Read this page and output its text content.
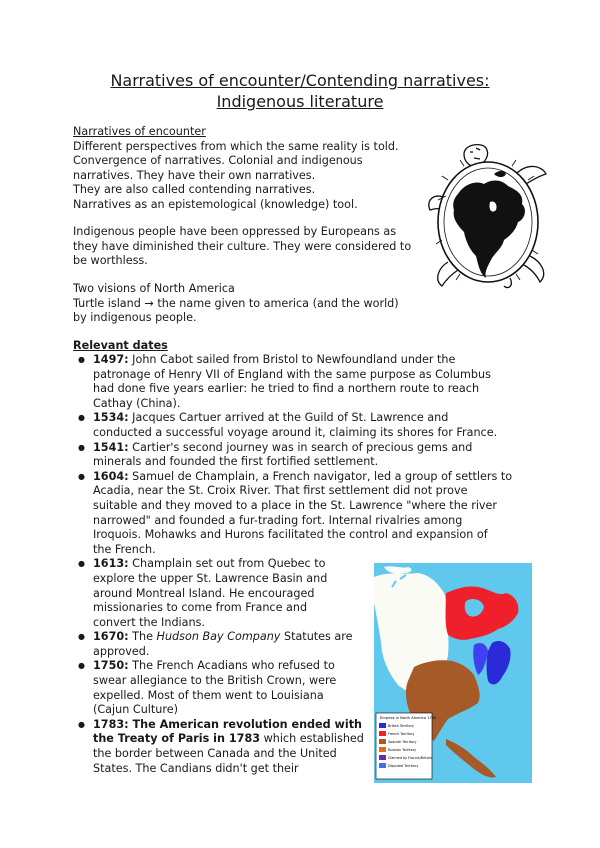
Narratives of encounter/Contending narratives:
Indigenous literature
Narratives of encounter
Different perspectives from which the same reality is told.
Convergence of narratives. Colonial and indigenous
narratives. They have their own narratives.
They are also called contending narratives.
Narratives as an epistemological (knowledge) tool.
Indigenous people have been oppressed by Europeans as
they have diminished their culture. They were considered to
be worthless.
Two visions of North America
Turtle island → the name given to america (and the world)
by indigenous people.
Relevant dates
● 1497: John Cabot sailed from Bristol to Newfoundland under the
patronage of Henry VII of England with the same purpose as Columbus
had done five years earlier: he tried to find a northern route to reach
Cathay (China).
● 1534: Jacques Cartuer arrived at the Guild of St. Lawrence and
conducted a successful voyage around it, claiming its shores for France.
● 1541: Cartier's second journey was in search of precious gems and
minerals and founded the first fortified settlement.
● 1604: Samuel de Champlain, a French navigator, led a group of settlers to
Acadia, near the St. Croix River. That first settlement did not prove
suitable and they moved to a place in the St. Lawrence "where the river
narrowed" and founded a fur-trading fort. Internal rivalries among
Iroquois. Mohawks and Hurons facilitated the control and expansion of
the French.
● 1613: Champlain set out from Quebec to
explore the upper St. Lawrence Basin and
around Montreal Island. He encouraged
missionaries to come from France and
convert the Indians.
● 1670: The Hudson Bay Company Statutes are
approved.
● 1750: The French Acadians who refused to
swear allegiance to the British Crown, were
expelled. Most of them went to Louisiana
(Cajun Culture)
● 1783: The American revolution ended with
the Treaty of Paris in 1783 which established
the border between Canada and the United
States. The Candians didn't get their
Empires in North America 1750
British Territory
French Territory
Spanish Territory
Russian Territory
Claimed by France/Britain
Disputed Territory
